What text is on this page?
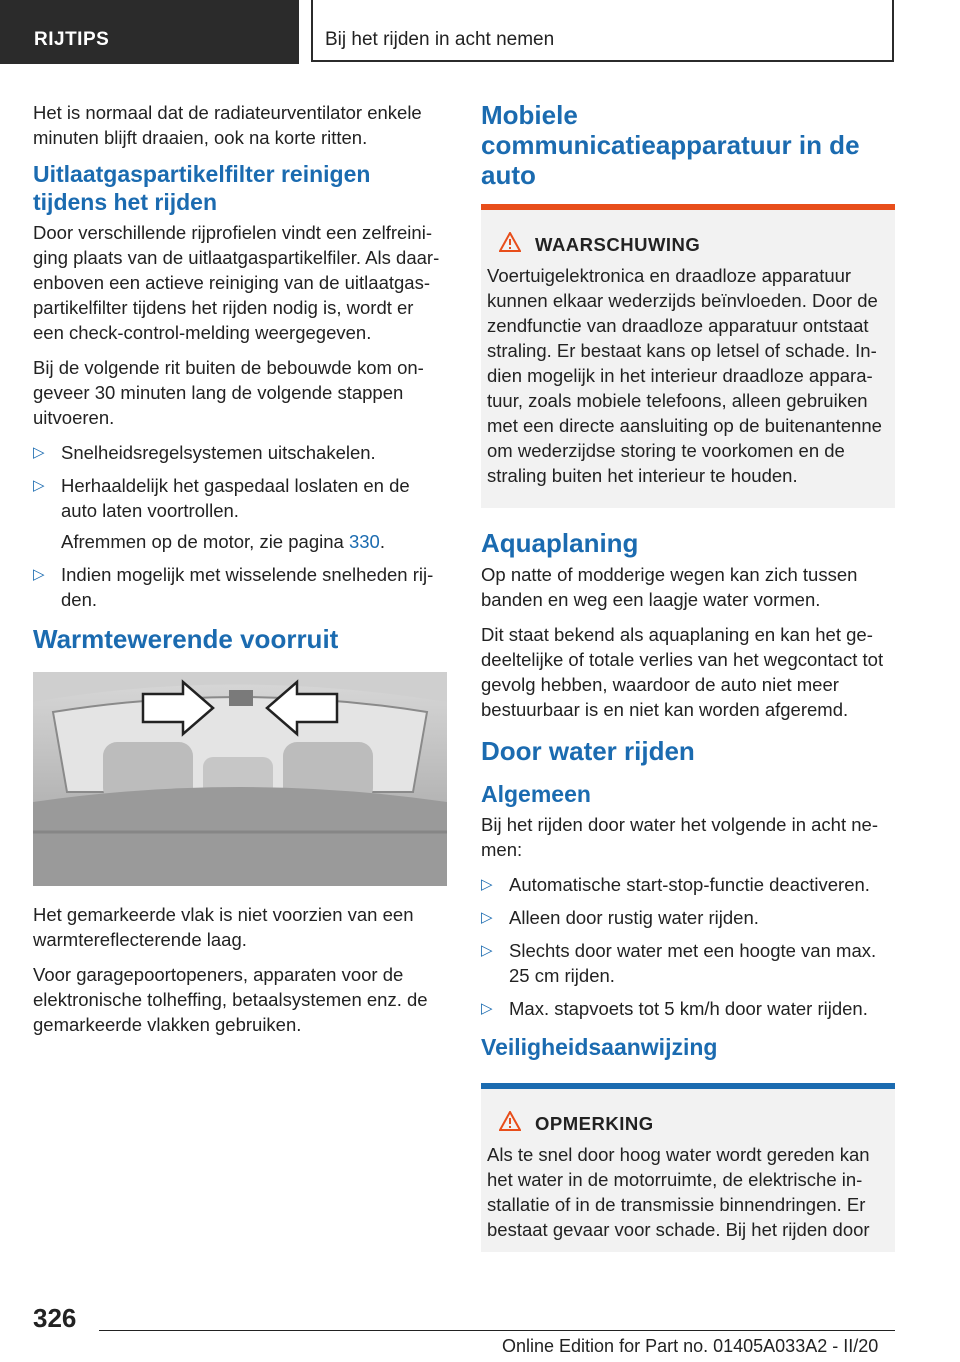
RIJTIPS	Bij het rijden in acht nemen

Het is normaal dat de radiateurventilator enkele minuten blijft draaien, ook na korte ritten.

Uitlaatgaspartikelfilter reinigen tijdens het rijden

Door verschillende rijprofielen vindt een zelfreiniging plaats van de uitlaatgaspartikelfiler. Als daarenboven een actieve reiniging van de uitlaatgaspartikelfilter tijdens het rijden nodig is, wordt er een check-control-melding weergegeven.

Bij de volgende rit buiten de bebouwde kom ongeveer 30 minuten lang de volgende stappen uitvoeren.

▷ Snelheidsregelsystemen uitschakelen.
▷ Herhaaldelijk het gaspedaal loslaten en de auto laten voortrollen.
Afremmen op de motor, zie pagina 330.
▷ Indien mogelijk met wisselende snelheden rijden.
Warmtewerende voorruit

Het gemarkeerde vlak is niet voorzien van een warmtereflecterende laag.

Voor garagepoortopeners, apparaten voor de elektronische tolheffing, betaalsystemen enz. de gemarkeerde vlakken gebruiken.

Mobiele communicatieapparatuur in de auto
WAARSCHUWING

Voertuigelektronica en draadloze apparatuur kunnen elkaar wederzijds beïnvloeden. Door de zendfunctie van draadloze apparatuur ontstaat straling. Er bestaat kans op letsel of schade. Indien mogelijk in het interieur draadloze apparatuur, zoals mobiele telefoons, alleen gebruiken met een directe aansluiting op de buitenantenne om wederzijdse storing te voorkomen en de straling buiten het interieur te houden.

Aquaplaning

Op natte of modderige wegen kan zich tussen banden en weg een laagje water vormen.

Dit staat bekend als aquaplaning en kan het gedeeltelijke of totale verlies van het wegcontact tot gevolg hebben, waardoor de auto niet meer bestuurbaar is en niet kan worden afgeremd.

Door water rijden
Algemeen

Bij het rijden door water het volgende in acht nemen:

▷ Automatische start-stop-functie deactiveren.
▷ Alleen door rustig water rijden.
▷ Slechts door water met een hoogte van max. 25 cm rijden.
▷ Max. stapvoets tot 5 km/h door water rijden.
Veiligheidsaanwijzing
OPMERKING

Als te snel door hoog water wordt gereden kan het water in de motorruimte, de elektrische installatie of in de transmissie binnendringen. Er bestaat gevaar voor schade. Bij het rijden door

326
Online Edition for Part no. 01405A033A2 - II/20
